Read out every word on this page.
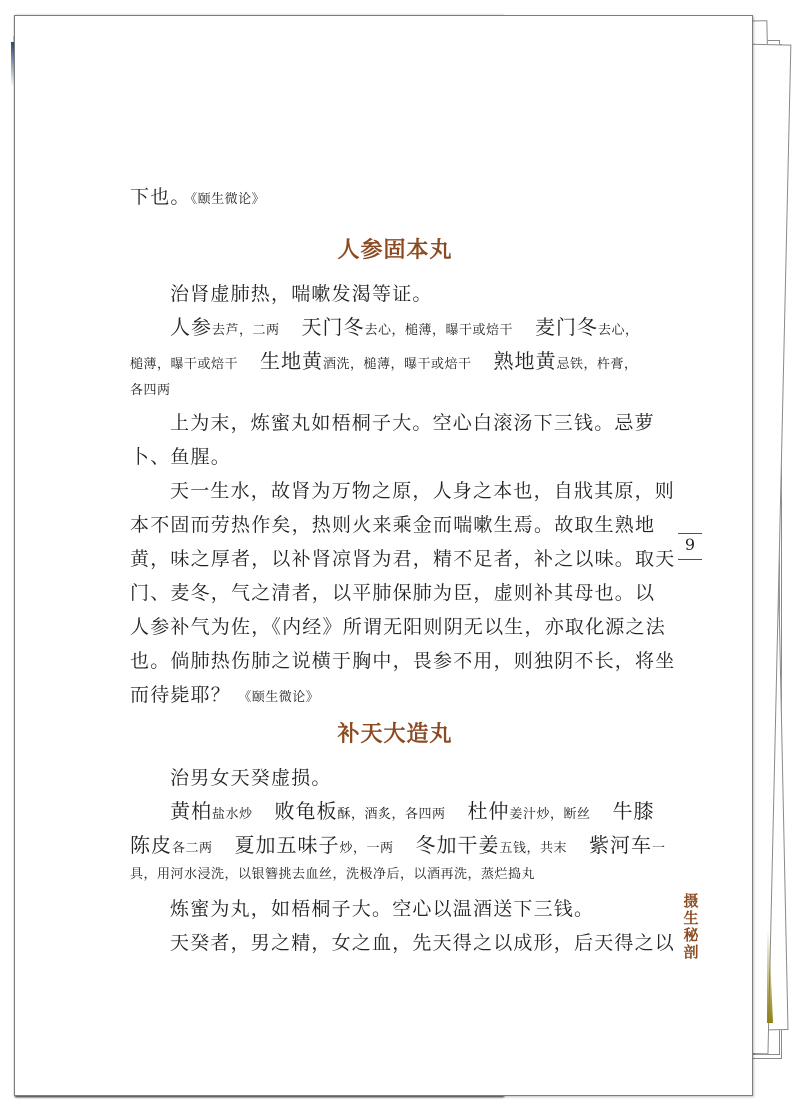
下也。《颐生微论》
人参固本丸
治肾虚肺热，喘嗽发渴等证。
人参去芦，二两 天门冬去心，槌薄，曝干或焙干 麦门冬去心，
槌薄，曝干或焙干 生地黄酒洗，槌薄，曝干或焙干 熟地黄忌铁，杵膏，
各四两
上为末，炼蜜丸如梧桐子大。空心白滚汤下三钱。忌萝
卜、鱼腥。
天一生水，故肾为万物之原，人身之本也，自戕其原，则
本不固而劳热作矣，热则火来乘金而喘嗽生焉。故取生熟地
黄，味之厚者，以补肾凉肾为君，精不足者，补之以味。取天
门、麦冬，气之清者，以平肺保肺为臣，虚则补其母也。以
人参补气为佐，《内经》所谓无阳则阴无以生，亦取化源之法
也。倘肺热伤肺之说横于胸中，畏参不用，则独阴不长，将坐
而待毙耶？ 《颐生微论》
补天大造丸
治男女天癸虚损。
黄柏盐水炒 败龟板酥，酒炙，各四两 杜仲姜汁炒，断丝 牛膝
陈皮各二两 夏加五味子炒，一两 冬加干姜五钱，共末 紫河车一
具，用河水浸洗，以银簪挑去血丝，洗极净后，以酒再洗，蒸烂捣丸
炼蜜为丸，如梧桐子大。空心以温酒送下三钱。
天癸者，男之精，女之血，先天得之以成形，后天得之以
9
摄
生
秘
剖
